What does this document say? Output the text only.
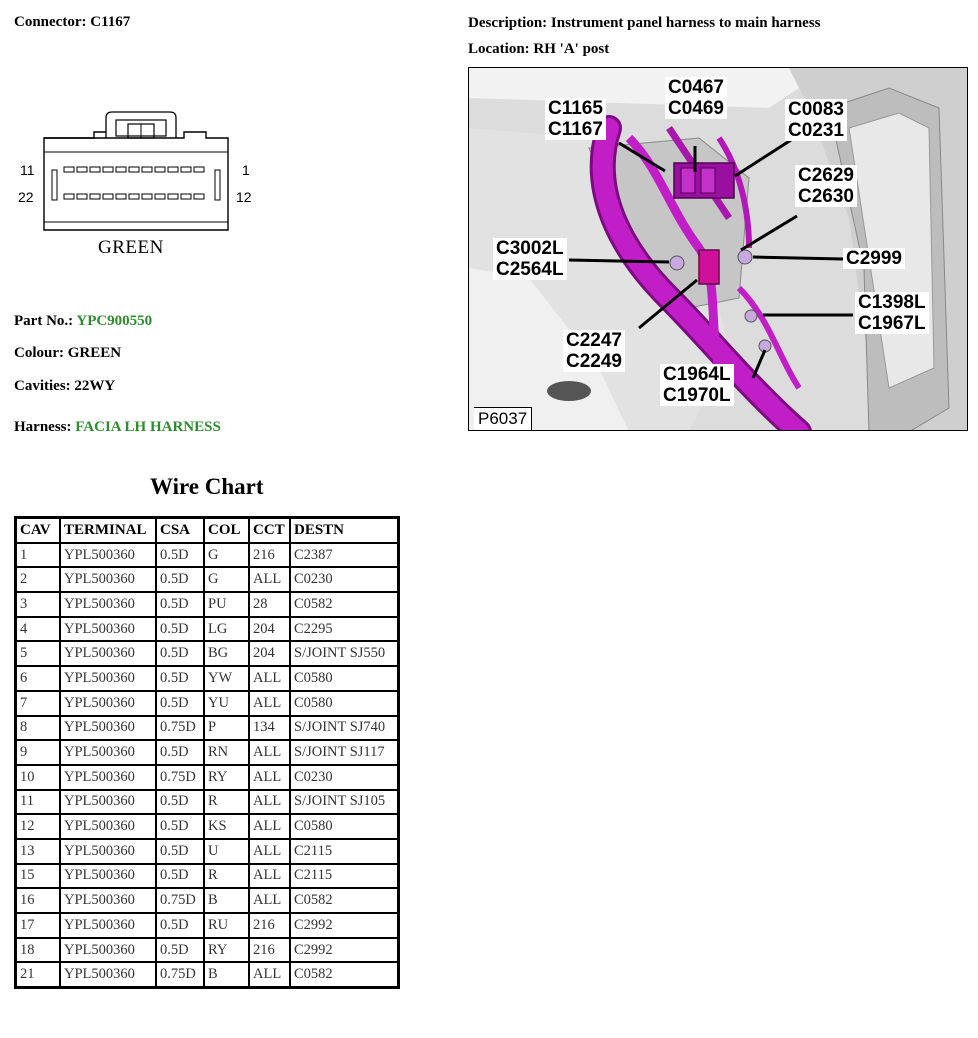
Connector: C1167	Description: Instrument panel harness to main harness
Location: RH 'A' post
11	1
22	12
GREEN
Part No.: YPC900550
Colour: GREEN
Cavities: 22WY
Harness: FACIA LH HARNESS
C1165
C1167
C0467
C0469	C0083
C0231
C2629
C2630
C3002L
C2564L
C2999
C1398L
C1967L
C2247
C2249
C1964L
C1970L
P6037
Wire Chart
CAV	TERMINAL	CSA	COL	CCT	DESTN
1	YPL500360	0.5D	G	216	C2387
2	YPL500360	0.5D	G	ALL	C0230
3	YPL500360	0.5D	PU	28	C0582
4	YPL500360	0.5D	LG	204	C2295
5	YPL500360	0.5D	BG	204	S/JOINT SJ550
6	YPL500360	0.5D	YW	ALL	C0580
7	YPL500360	0.5D	YU	ALL	C0580
8	YPL500360	0.75D	P	134	S/JOINT SJ740
9	YPL500360	0.5D	RN	ALL	S/JOINT SJ117
10	YPL500360	0.75D	RY	ALL	C0230
11	YPL500360	0.5D	R	ALL	S/JOINT SJ105
12	YPL500360	0.5D	KS	ALL	C0580
13	YPL500360	0.5D	U	ALL	C2115
15	YPL500360	0.5D	R	ALL	C2115
16	YPL500360	0.75D	B	ALL	C0582
17	YPL500360	0.5D	RU	216	C2992
18	YPL500360	0.5D	RY	216	C2992
21	YPL500360	0.75D	B	ALL	C0582
